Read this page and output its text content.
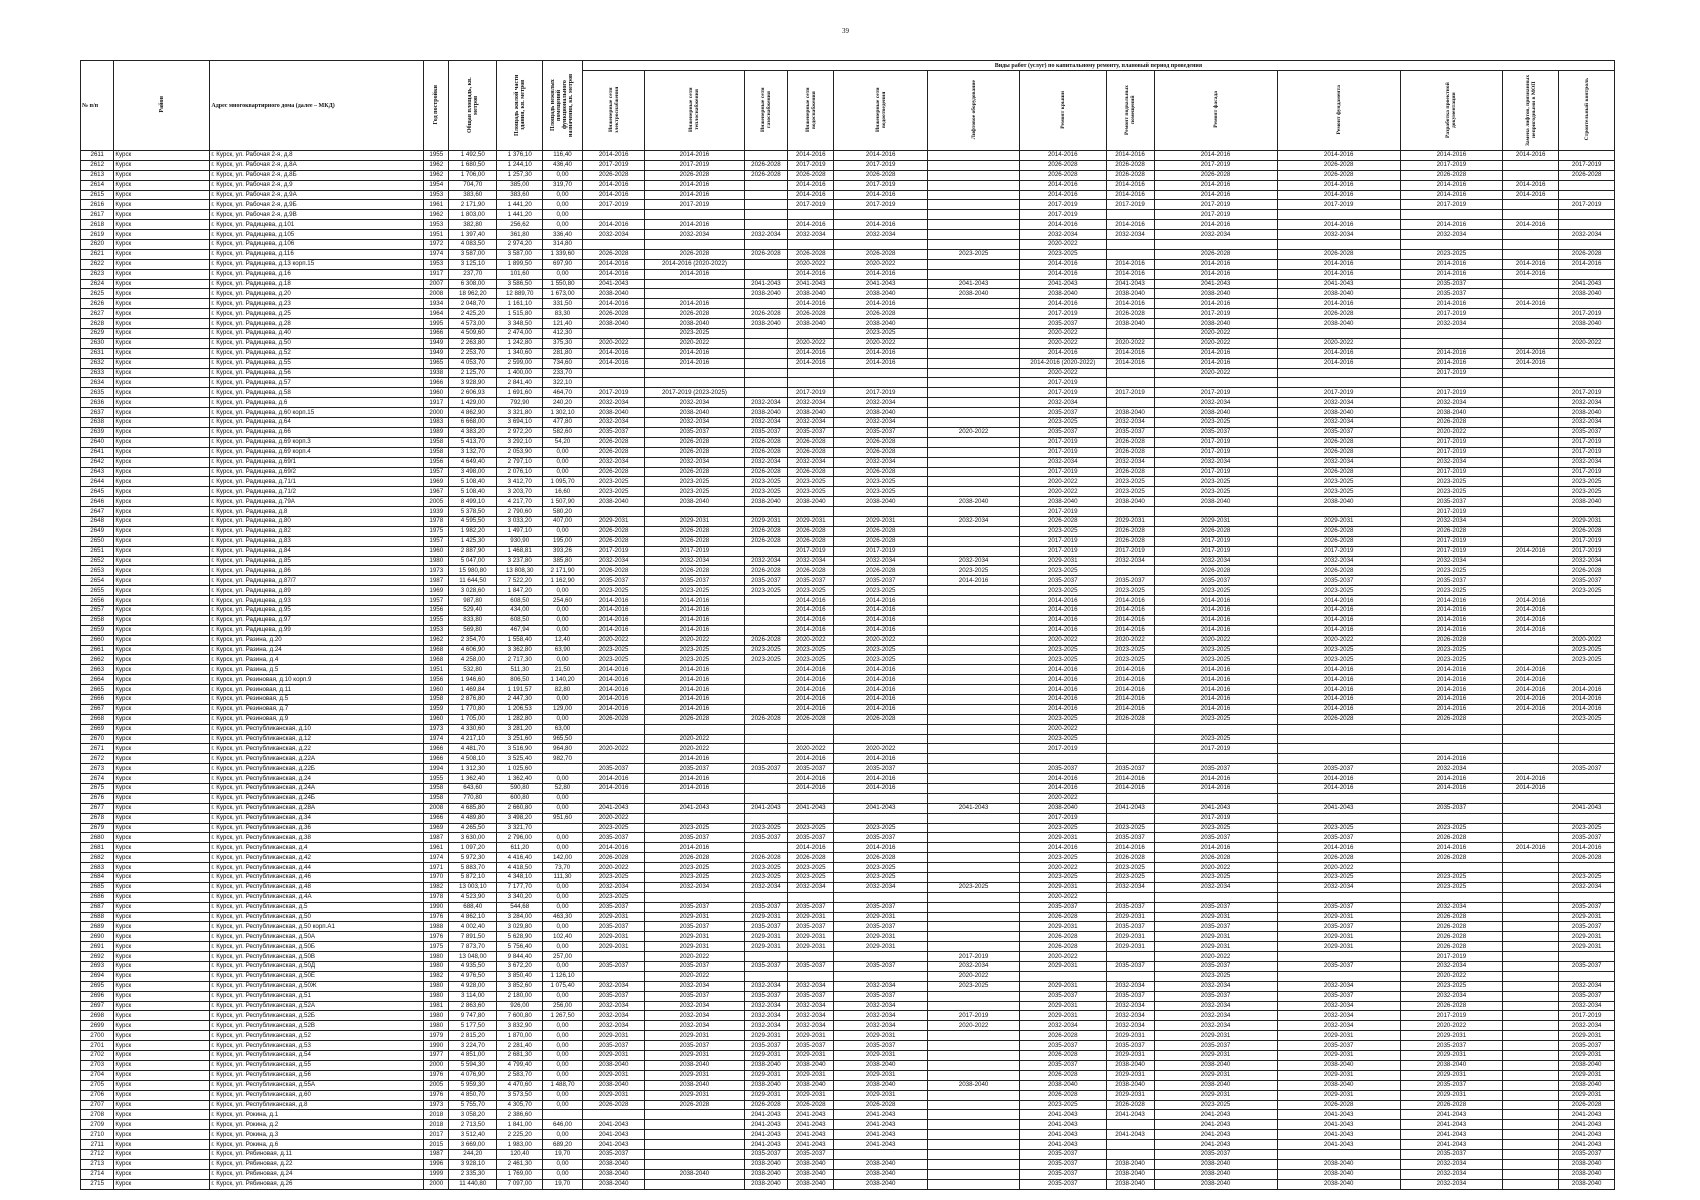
39
№ п/п	Район	Адрес многоквартирного дома (далее – МКД)	Год постройки	Общая площадь, кв. метров	Площадь жилой части здания, кв. метров	Площадь нежилых помещений функционального назначения, кв. метров	Виды работ (услуг) по капитальному ремонту, плановый период проведения												
							Инженерные сети электроснабжения	Инженерные сети теплоснабжения	Инженерные сети газоснабжения	Инженерные сети водоснабжения	Инженерные сети водоотведения	Лифтовое оборудование	Ремонт крыши	Ремонт подвальных помещений	Ремонт фасада	Ремонт фундамента	Разработка проектной документации	Замена лифтов, признанных непригодными в МОП	Строительный контроль
2611	Курск	г. Курск, ул. Рабочая 2-я, д.8	1955	1 492,50	1 376,10	116,40	2014-2016	2014-2016		2014-2016	2014-2016		2014-2016	2014-2016	2014-2016	2014-2016	2014-2016	2014-2016	
2612	Курск	г. Курск, ул. Рабочая 2-я, д.8А	1962	1 680,50	1 244,10	436,40	2017-2019	2017-2019	2026-2028	2017-2019	2017-2019		2026-2028	2026-2028	2017-2019	2026-2028	2017-2019		2017-2019
2613	Курск	г. Курск, ул. Рабочая 2-я, д.8Б	1962	1 706,00	1 257,30	0,00	2026-2028	2026-2028	2026-2028	2026-2028	2026-2028		2026-2028	2026-2028	2026-2028	2026-2028	2026-2028		2026-2028
2614	Курск	г. Курск, ул. Рабочая 2-я, д.9	1954	704,70	385,00	319,70	2014-2016	2014-2016		2014-2016	2017-2019		2014-2016	2014-2016	2014-2016	2014-2016	2014-2016	2014-2016	
2615	Курск	г. Курск, ул. Рабочая 2-я, д.9А	1953	383,60	383,60	0,00	2014-2016	2014-2016		2014-2016	2014-2016		2014-2016	2014-2016	2014-2016	2014-2016	2014-2016	2014-2016	
2616	Курск	г. Курск, ул. Рабочая 2-я, д.9Б	1961	2 171,90	1 441,20	0,00	2017-2019	2017-2019		2017-2019	2017-2019		2017-2019	2017-2019	2017-2019	2017-2019	2017-2019		2017-2019
2617	Курск	г. Курск, ул. Рабочая 2-я, д.9В	1962	1 803,00	1 441,20	0,00							2017-2019		2017-2019				
2618	Курск	г. Курск, ул. Радищева, д.101	1953	382,80	256,62	0,00	2014-2016	2014-2016		2014-2016	2014-2016		2014-2016	2014-2016	2014-2016	2014-2016	2014-2016	2014-2016	
2619	Курск	г. Курск, ул. Радищева, д.105	1951	1 397,40	361,80	336,40	2032-2034	2032-2034	2032-2034	2032-2034	2032-2034		2032-2034	2032-2034	2032-2034	2032-2034	2032-2034		2032-2034
2620	Курск	г. Курск, ул. Радищева, д.106	1972	4 083,50	2 974,20	314,80							2020-2022						
2621	Курск	г. Курск, ул. Радищева, д.116	1974	3 587,00	3 587,00	1 339,60	2026-2028	2026-2028	2026-2028	2026-2028	2026-2028	2023-2025	2023-2025		2026-2028	2026-2028	2023-2025		2026-2028
2622	Курск	г. Курск, ул. Радищева, д.13 корп.15	1953	3 125,10	1 899,50	697,90	2014-2016	2014-2016 (2020-2022)		2020-2022	2020-2022		2014-2016	2014-2016	2014-2016	2014-2016	2014-2016	2014-2016	2014-2016
2623	Курск	г. Курск, ул. Радищева, д.16	1917	237,70	101,60	0,00	2014-2016	2014-2016		2014-2016	2014-2016		2014-2016	2014-2016	2014-2016	2014-2016	2014-2016	2014-2016	
2624	Курск	г. Курск, ул. Радищева, д.18	2007	6 308,00	3 586,50	1 550,80	2041-2043		2041-2043	2041-2043	2041-2043	2041-2043	2041-2043	2041-2043	2041-2043	2041-2043	2035-2037		2041-2043
2625	Курск	г. Курск, ул. Радищева, д.20	2008	18 962,20	12 889,70	1 673,00	2038-2040		2038-2040	2038-2040	2038-2040	2038-2040	2038-2040	2038-2040	2038-2040	2038-2040	2035-2037		2038-2040
2626	Курск	г. Курск, ул. Радищева, д.23	1934	2 048,70	1 161,10	331,50	2014-2016	2014-2016		2014-2016	2014-2016		2014-2016	2014-2016	2014-2016	2014-2016	2014-2016	2014-2016	
2627	Курск	г. Курск, ул. Радищева, д.25	1964	2 425,20	1 515,80	83,30	2026-2028	2026-2028	2026-2028	2026-2028	2026-2028		2017-2019	2026-2028	2017-2019	2026-2028	2017-2019		2017-2019
2628	Курск	г. Курск, ул. Радищева, д.28	1995	4 573,00	3 348,50	121,40	2038-2040	2038-2040	2038-2040	2038-2040	2038-2040		2035-2037	2038-2040	2038-2040	2038-2040	2032-2034		2038-2040
2629	Курск	г. Курск, ул. Радищева, д.40	1966	4 509,60	2 474,00	412,30		2023-2025			2023-2025		2020-2022		2020-2022				
2630	Курск	г. Курск, ул. Радищева, д.50	1949	2 263,80	1 242,80	375,30	2020-2022	2020-2022		2020-2022	2020-2022		2020-2022	2020-2022	2020-2022	2020-2022			2020-2022
2631	Курск	г. Курск, ул. Радищева, д.52	1949	2 253,70	1 340,60	281,80	2014-2016	2014-2016		2014-2016	2014-2016		2014-2016	2014-2016	2014-2016	2014-2016	2014-2016	2014-2016	
2632	Курск	г. Курск, ул. Радищева, д.55	1965	4 053,70	2 599,00	734,60	2014-2016	2014-2016		2014-2016	2014-2016		2014-2016 (2020-2022)	2014-2016	2014-2016	2014-2016	2014-2016	2014-2016	
2633	Курск	г. Курск, ул. Радищева, д.56	1938	2 125,70	1 400,00	233,70							2020-2022		2020-2022		2017-2019		
2634	Курск	г. Курск, ул. Радищева, д.57	1966	3 928,90	2 841,40	322,10							2017-2019						
2635	Курск	г. Курск, ул. Радищева, д.58	1960	2 606,93	1 691,60	464,70	2017-2019	2017-2019 (2023-2025)		2017-2019	2017-2019		2017-2019	2017-2019	2017-2019	2017-2019	2017-2019		2017-2019
2636	Курск	г. Курск, ул. Радищева, д.6	1917	1 429,00	792,90	240,20	2032-2034	2032-2034	2032-2034	2032-2034	2032-2034		2032-2034		2032-2034	2032-2034	2032-2034		2032-2034
2637	Курск	г. Курск, ул. Радищева, д.60 корп.15	2000	4 862,90	3 321,80	1 302,10	2038-2040	2038-2040	2038-2040	2038-2040	2038-2040		2035-2037	2038-2040	2038-2040	2038-2040	2038-2040		2038-2040
2638	Курск	г. Курск, ул. Радищева, д.64	1983	6 668,00	3 694,10	477,80	2032-2034	2032-2034	2032-2034	2032-2034	2032-2034		2023-2025	2032-2034	2023-2025	2032-2034	2026-2028		2032-2034
2639	Курск	г. Курск, ул. Радищева, д.66	1989	4 383,20	2 972,20	582,60	2035-2037	2035-2037	2035-2037	2035-2037	2035-2037	2020-2022	2035-2037	2035-2037	2035-2037	2035-2037	2020-2022		2035-2037
2640	Курск	г. Курск, ул. Радищева, д.69 корп.3	1958	5 413,70	3 292,10	54,20	2026-2028	2026-2028	2026-2028	2026-2028	2026-2028		2017-2019	2026-2028	2017-2019	2026-2028	2017-2019		2017-2019
2641	Курск	г. Курск, ул. Радищева, д.69 корп.4	1958	3 132,70	2 053,90	0,00	2026-2028	2026-2028	2026-2028	2026-2028	2026-2028		2017-2019	2026-2028	2017-2019	2026-2028	2017-2019		2017-2019
2642	Курск	г. Курск, ул. Радищева, д.69/1	1956	4 649,40	2 797,10	0,00	2032-2034	2032-2034	2032-2034	2032-2034	2032-2034		2032-2034	2032-2034	2032-2034	2032-2034	2032-2034		2032-2034
2643	Курск	г. Курск, ул. Радищева, д.69/2	1957	3 498,00	2 076,10	0,00	2026-2028	2026-2028	2026-2028	2026-2028	2026-2028		2017-2019	2026-2028	2017-2019	2026-2028	2017-2019		2017-2019
2644	Курск	г. Курск, ул. Радищева, д.71/1	1969	5 108,40	3 412,70	1 095,70	2023-2025	2023-2025	2023-2025	2023-2025	2023-2025		2020-2022	2023-2025	2023-2025	2023-2025	2023-2025		2023-2025
2645	Курск	г. Курск, ул. Радищева, д.71/2	1967	5 108,40	3 203,70	16,60	2023-2025	2023-2025	2023-2025	2023-2025	2023-2025		2020-2022	2023-2025	2023-2025	2023-2025	2023-2025		2023-2025
2646	Курск	г. Курск, ул. Радищева, д.79А	2005	8 499,10	4 217,70	1 507,90	2038-2040	2038-2040	2038-2040	2038-2040	2038-2040	2038-2040	2038-2040	2038-2040	2038-2040	2038-2040	2035-2037		2038-2040
2647	Курск	г. Курск, ул. Радищева, д.8	1939	5 378,50	2 790,60	580,20							2017-2019				2017-2019		
2648	Курск	г. Курск, ул. Радищева, д.80	1978	4 595,50	3 033,20	407,00	2029-2031	2029-2031	2029-2031	2029-2031	2029-2031	2032-2034	2026-2028	2029-2031	2029-2031	2029-2031	2032-2034		2029-2031
2649	Курск	г. Курск, ул. Радищева, д.82	1975	1 982,20	1 497,10	0,00	2026-2028	2026-2028	2026-2028	2026-2028	2026-2028		2023-2025	2026-2028	2026-2028	2026-2028	2026-2028		2026-2028
2650	Курск	г. Курск, ул. Радищева, д.83	1957	1 425,30	930,90	195,00	2026-2028	2026-2028	2026-2028	2026-2028	2026-2028		2017-2019	2026-2028	2017-2019	2026-2028	2017-2019		2017-2019
2651	Курск	г. Курск, ул. Радищева, д.84	1960	2 887,90	1 468,81	393,26	2017-2019	2017-2019		2017-2019	2017-2019		2017-2019	2017-2019	2017-2019	2017-2019	2017-2019	2014-2016	2017-2019
2652	Курск	г. Курск, ул. Радищева, д.85	1980	5 047,00	3 237,80	385,80	2032-2034	2032-2034	2032-2034	2032-2034	2032-2034	2032-2034	2029-2031	2032-2034	2032-2034	2032-2034	2032-2034		2032-2034
2653	Курск	г. Курск, ул. Радищева, д.86	1973	15 980,80	13 808,30	2 171,90	2026-2028	2026-2028	2026-2028	2026-2028	2026-2028	2023-2025	2023-2025		2026-2028	2026-2028	2023-2025		2026-2028
2654	Курск	г. Курск, ул. Радищева, д.87/7	1987	11 644,50	7 522,20	1 162,90	2035-2037	2035-2037	2035-2037	2035-2037	2035-2037	2014-2016	2035-2037	2035-2037	2035-2037	2035-2037	2035-2037		2035-2037
2655	Курск	г. Курск, ул. Радищева, д.89	1969	3 028,60	1 847,20	0,00	2023-2025	2023-2025	2023-2025	2023-2025	2023-2025		2023-2025	2023-2025	2023-2025	2023-2025	2023-2025		2023-2025
2656	Курск	г. Курск, ул. Радищева, д.93	1957	987,80	608,50	254,60	2014-2016	2014-2016		2014-2016	2014-2016		2014-2016	2014-2016	2014-2016	2014-2016	2014-2016	2014-2016	
2657	Курск	г. Курск, ул. Радищева, д.95	1956	529,40	434,00	0,00	2014-2016	2014-2016		2014-2016	2014-2016		2014-2016	2014-2016	2014-2016	2014-2016	2014-2016	2014-2016	
2658	Курск	г. Курск, ул. Радищева, д.97	1955	833,80	608,50	0,00	2014-2016	2014-2016		2014-2016	2014-2016		2014-2016	2014-2016	2014-2016	2014-2016	2014-2016	2014-2016	
2659	Курск	г. Курск, ул. Радищева, д.99	1953	569,80	467,94	0,00	2014-2016	2014-2016		2014-2016	2014-2016		2014-2016	2014-2016	2014-2016	2014-2016	2014-2016	2014-2016	
2660	Курск	г. Курск, ул. Разина, д.20	1962	2 354,70	1 558,40	12,40	2020-2022	2020-2022	2026-2028	2020-2022	2020-2022		2020-2022	2020-2022	2020-2022	2020-2022	2026-2028		2020-2022
2661	Курск	г. Курск, ул. Разина, д.24	1968	4 606,90	3 362,80	63,90	2023-2025	2023-2025	2023-2025	2023-2025	2023-2025		2023-2025	2023-2025	2023-2025	2023-2025	2023-2025		2023-2025
2662	Курск	г. Курск, ул. Разина, д.4	1968	4 258,00	2 717,30	0,00	2023-2025	2023-2025	2023-2025	2023-2025	2023-2025		2023-2025	2023-2025	2023-2025	2023-2025	2023-2025		2023-2025
2663	Курск	г. Курск, ул. Разина, д.5	1951	532,80	511,30	21,50	2014-2016	2014-2016		2014-2016	2014-2016		2014-2016	2014-2016	2014-2016	2014-2016	2014-2016	2014-2016	
2664	Курск	г. Курск, ул. Резиновая, д.10 корп.9	1956	1 946,60	806,50	1 140,20	2014-2016	2014-2016		2014-2016	2014-2016		2014-2016	2014-2016	2014-2016	2014-2016	2014-2016	2014-2016	
2665	Курск	г. Курск, ул. Резиновая, д.11	1960	1 469,84	1 191,57	82,80	2014-2016	2014-2016		2014-2016	2014-2016		2014-2016	2014-2016	2014-2016	2014-2016	2014-2016	2014-2016	2014-2016
2666	Курск	г. Курск, ул. Резиновая, д.5	1958	2 876,80	2 447,30	0,00	2014-2016	2014-2016		2014-2016	2014-2016		2014-2016	2014-2016	2014-2016	2014-2016	2014-2016	2014-2016	2014-2016
2667	Курск	г. Курск, ул. Резиновая, д.7	1959	1 770,80	1 206,53	129,00	2014-2016	2014-2016		2014-2016	2014-2016		2014-2016	2014-2016	2014-2016	2014-2016	2014-2016	2014-2016	2014-2016
2668	Курск	г. Курск, ул. Резиновая, д.9	1960	1 705,00	1 282,80	0,00	2026-2028	2026-2028	2026-2028	2026-2028	2026-2028		2023-2025	2026-2028	2023-2025	2026-2028	2026-2028		2023-2025
2669	Курск	г. Курск, ул. Республиканская, д.10	1973	4 330,60	3 281,20	63,00							2020-2022						
2670	Курск	г. Курск, ул. Республиканская, д.12	1974	4 217,10	3 251,60	965,50		2020-2022					2023-2025		2023-2025				
2671	Курск	г. Курск, ул. Республиканская, д.22	1966	4 481,70	3 516,90	964,80	2020-2022	2020-2022		2020-2022	2020-2022		2017-2019		2017-2019				
2672	Курск	г. Курск, ул. Республиканская, д.22А	1966	4 508,10	3 525,40	982,70		2014-2016		2014-2016	2014-2016						2014-2016		
2673	Курск	г. Курск, ул. Республиканская, д.22Б	1994	1 312,30	1 025,60		2035-2037	2035-2037	2035-2037	2035-2037	2035-2037		2035-2037	2035-2037	2035-2037	2035-2037	2032-2034		2035-2037
2674	Курск	г. Курск, ул. Республиканская, д.24	1955	1 362,40	1 362,40	0,00	2014-2016	2014-2016		2014-2016	2014-2016		2014-2016	2014-2016	2014-2016	2014-2016	2014-2016	2014-2016	
2675	Курск	г. Курск, ул. Республиканская, д.24А	1958	643,60	590,80	52,80	2014-2016	2014-2016		2014-2016	2014-2016		2014-2016	2014-2016	2014-2016	2014-2016	2014-2016	2014-2016	
2676	Курск	г. Курск, ул. Республиканская, д.24Б	1958	770,80	600,80	0,00							2020-2022						
2677	Курск	г. Курск, ул. Республиканская, д.28А	2008	4 685,80	2 660,80	0,00	2041-2043	2041-2043	2041-2043	2041-2043	2041-2043	2041-2043	2038-2040	2041-2043	2041-2043	2041-2043	2035-2037		2041-2043
2678	Курск	г. Курск, ул. Республиканская, д.34	1966	4 489,80	3 498,20	951,60	2020-2022						2017-2019		2017-2019				
2679	Курск	г. Курск, ул. Республиканская, д.36	1969	4 265,50	3 321,70		2023-2025	2023-2025	2023-2025	2023-2025	2023-2025		2023-2025	2023-2025	2023-2025	2023-2025	2023-2025		2023-2025
2680	Курск	г. Курск, ул. Республиканская, д.38	1987	3 630,00	2 796,00	0,00	2035-2037	2035-2037	2035-2037	2035-2037	2035-2037		2029-2031	2035-2037	2035-2037	2035-2037	2026-2028		2035-2037
2681	Курск	г. Курск, ул. Республиканская, д.4	1961	1 097,20	611,20	0,00	2014-2016	2014-2016		2014-2016	2014-2016		2014-2016	2014-2016	2014-2016	2014-2016	2014-2016	2014-2016	2014-2016
2682	Курск	г. Курск, ул. Республиканская, д.42	1974	5 972,30	4 416,40	142,00	2026-2028	2026-2028	2026-2028	2026-2028	2026-2028		2023-2025	2026-2028	2026-2028	2026-2028	2026-2028		2026-2028
2683	Курск	г. Курск, ул. Республиканская, д.44	1971	5 883,70	4 418,50	73,70	2020-2022	2023-2025	2023-2025	2023-2025	2023-2025		2020-2022	2023-2025	2020-2022	2020-2022			
2684	Курск	г. Курск, ул. Республиканская, д.46	1970	5 872,10	4 348,10	111,30	2023-2025	2023-2025	2023-2025	2023-2025	2023-2025		2023-2025	2023-2025	2023-2025	2023-2025	2023-2025		2023-2025
2685	Курск	г. Курск, ул. Республиканская, д.48	1982	13 003,10	7 177,70	0,00	2032-2034	2032-2034	2032-2034	2032-2034	2032-2034	2023-2025	2029-2031	2032-2034	2032-2034	2032-2034	2023-2025		2032-2034
2686	Курск	г. Курск, ул. Республиканская, д.4А	1978	4 523,90	3 340,20	0,00	2023-2025						2020-2022						
2687	Курск	г. Курск, ул. Республиканская, д.5	1990	688,40	544,68	0,00	2035-2037	2035-2037	2035-2037	2035-2037	2035-2037		2035-2037	2035-2037	2035-2037	2035-2037	2032-2034		2035-2037
2688	Курск	г. Курск, ул. Республиканская, д.50	1976	4 862,10	3 284,00	463,30	2029-2031	2029-2031	2029-2031	2029-2031	2029-2031		2026-2028	2029-2031	2029-2031	2029-2031	2026-2028		2029-2031
2689	Курск	г. Курск, ул. Республиканская, д.50 корп.А1	1988	4 002,40	3 029,80	0,00	2035-2037	2035-2037	2035-2037	2035-2037	2035-2037		2029-2031	2035-2037	2035-2037	2035-2037	2026-2028		2035-2037
2690	Курск	г. Курск, ул. Республиканская, д.50А	1976	7 891,50	5 628,90	102,40	2029-2031	2029-2031	2029-2031	2029-2031	2029-2031		2026-2028	2029-2031	2029-2031	2029-2031	2026-2028		2029-2031
2691	Курск	г. Курск, ул. Республиканская, д.50Б	1975	7 873,70	5 756,40	0,00	2029-2031	2029-2031	2029-2031	2029-2031	2029-2031		2026-2028	2029-2031	2029-2031	2029-2031	2026-2028		2029-2031
2692	Курск	г. Курск, ул. Республиканская, д.50В	1980	13 048,00	9 844,40	257,00		2020-2022				2017-2019	2020-2022		2020-2022		2017-2019		
2693	Курск	г. Курск, ул. Республиканская, д.50Д	1980	4 935,50	3 672,20	0,00	2035-2037	2035-2037	2035-2037	2035-2037	2035-2037	2032-2034	2029-2031	2035-2037	2035-2037	2035-2037	2032-2034		2035-2037
2694	Курск	г. Курск, ул. Республиканская, д.50Е	1982	4 976,50	3 850,40	1 126,10		2020-2022				2020-2022			2023-2025		2020-2022		
2695	Курск	г. Курск, ул. Республиканская, д.50Ж	1980	4 928,00	3 852,60	1 075,40	2032-2034	2032-2034	2032-2034	2032-2034	2032-2034	2023-2025	2029-2031	2032-2034	2032-2034	2032-2034	2023-2025		2032-2034
2696	Курск	г. Курск, ул. Республиканская, д.51	1980	3 114,00	2 180,00	0,00	2035-2037	2035-2037	2035-2037	2035-2037	2035-2037		2035-2037	2035-2037	2035-2037	2035-2037	2032-2034		2035-2037
2697	Курск	г. Курск, ул. Республиканская, д.52А	1981	2 863,60	926,00	256,00	2032-2034	2032-2034	2032-2034	2032-2034	2032-2034		2029-2031	2032-2034	2032-2034	2032-2034	2026-2028		2032-2034
2698	Курск	г. Курск, ул. Республиканская, д.52Б	1980	9 747,80	7 600,80	1 267,50	2032-2034	2032-2034	2032-2034	2032-2034	2032-2034	2017-2019	2029-2031	2032-2034	2032-2034	2032-2034	2017-2019		2017-2019
2699	Курск	г. Курск, ул. Республиканская, д.52В	1980	5 177,50	3 832,90	0,00	2032-2034	2032-2034	2032-2034	2032-2034	2032-2034	2020-2022	2032-2034	2032-2034	2032-2034	2032-2034	2020-2022		2032-2034
2700	Курск	г. Курск, ул. Республиканская, д.52	1979	2 815,20	1 870,00	0,00	2029-2031	2029-2031	2029-2031	2029-2031	2029-2031		2026-2028	2029-2031	2029-2031	2029-2031	2029-2031		2029-2031
2701	Курск	г. Курск, ул. Республиканская, д.53	1990	3 224,70	2 281,40	0,00	2035-2037	2035-2037	2035-2037	2035-2037	2035-2037		2035-2037	2035-2037	2035-2037	2035-2037	2035-2037		2035-2037
2702	Курск	г. Курск, ул. Республиканская, д.54	1977	4 851,00	2 681,30	0,00	2029-2031	2029-2031	2029-2031	2029-2031	2029-2031		2026-2028	2029-2031	2029-2031	2029-2031	2029-2031		2029-2031
2703	Курск	г. Курск, ул. Республиканская, д.55	2000	5 594,30	4 799,40	0,00	2038-2040	2038-2040	2038-2040	2038-2040	2038-2040		2035-2037	2038-2040	2038-2040	2038-2040	2038-2040		2038-2040
2704	Курск	г. Курск, ул. Республиканская, д.56	1976	4 076,90	2 583,70	0,00	2029-2031	2029-2031	2029-2031	2029-2031	2029-2031		2026-2028	2029-2031	2029-2031	2029-2031	2029-2031		2029-2031
2705	Курск	г. Курск, ул. Республиканская, д.55А	2005	5 959,30	4 470,60	1 488,70	2038-2040	2038-2040	2038-2040	2038-2040	2038-2040	2038-2040	2038-2040	2038-2040	2038-2040	2038-2040	2035-2037		2038-2040
2706	Курск	г. Курск, ул. Республиканская, д.60	1976	4 850,70	3 573,50	0,00	2029-2031	2029-2031	2029-2031	2029-2031	2029-2031		2026-2028	2029-2031	2029-2031	2029-2031	2029-2031		2029-2031
2707	Курск	г. Курск, ул. Республиканская, д.8	1973	5 755,70	4 305,70	0,00	2026-2028	2026-2028	2026-2028	2026-2028	2026-2028		2023-2025	2026-2028	2023-2025	2026-2028	2026-2028		2026-2028
2708	Курск	г. Курск, ул. Рокина, д.1	2018	3 058,20	2 386,60				2041-2043	2041-2043	2041-2043		2041-2043	2041-2043	2041-2043	2041-2043	2041-2043		2041-2043
2709	Курск	г. Курск, ул. Рокина, д.2	2018	2 713,50	1 841,00	646,00	2041-2043		2041-2043	2041-2043	2041-2043		2041-2043		2041-2043	2041-2043	2041-2043		2041-2043
2710	Курск	г. Курск, ул. Рокина, д.3	2017	3 512,40	2 225,20	0,00	2041-2043		2041-2043	2041-2043	2041-2043		2041-2043	2041-2043	2041-2043	2041-2043	2041-2043		2041-2043
2711	Курск	г. Курск, ул. Рокина, д.6	2015	3 669,00	1 983,00	689,20	2041-2043		2041-2043	2041-2043	2041-2043		2041-2043		2041-2043	2041-2043	2041-2043		2041-2043
2712	Курск	г. Курск, ул. Рябиновая, д.11	1987	244,20	120,40	19,70	2035-2037		2035-2037	2035-2037			2035-2037		2035-2037		2035-2037		2035-2037
2713	Курск	г. Курск, ул. Рябиновая, д.22	1996	3 928,10	2 461,30	0,00	2038-2040		2038-2040	2038-2040	2038-2040		2035-2037	2038-2040	2038-2040	2038-2040	2032-2034		2038-2040
2714	Курск	г. Курск, ул. Рябиновая, д.24	1999	2 335,30	1 769,00	0,00	2038-2040	2038-2040	2038-2040	2038-2040	2038-2040		2035-2037	2038-2040	2038-2040	2038-2040	2032-2034		2038-2040
2715	Курск	г. Курск, ул. Рябиновая, д.26	2000	11 440,80	7 097,00	19,70	2038-2040		2038-2040	2038-2040	2038-2040		2035-2037	2038-2040	2038-2040	2038-2040	2032-2034		2038-2040
